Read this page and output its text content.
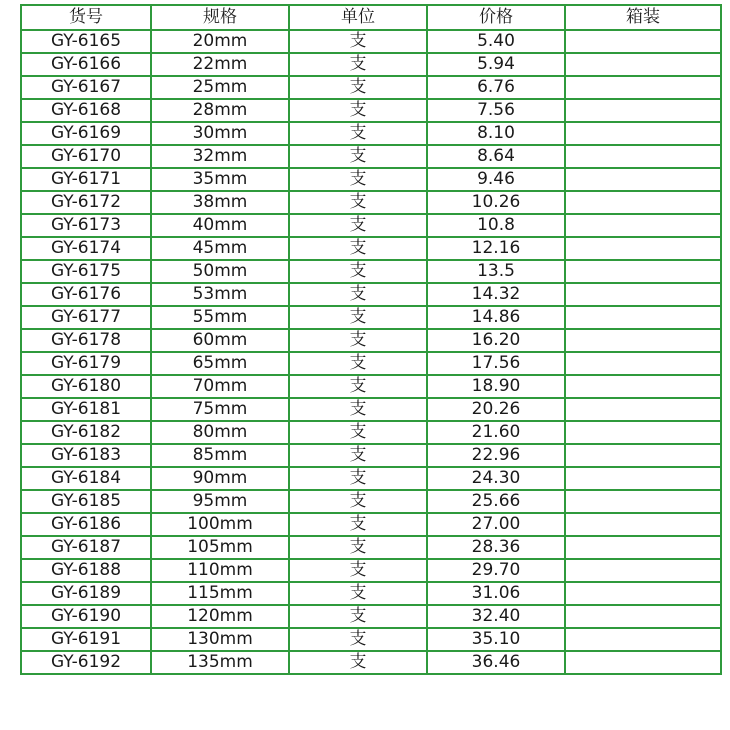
货号	规格	单位	价格	箱装
GY-6165	20mm	支	5.40	
GY-6166	22mm	支	5.94	
GY-6167	25mm	支	6.76	
GY-6168	28mm	支	7.56	
GY-6169	30mm	支	8.10	
GY-6170	32mm	支	8.64	
GY-6171	35mm	支	9.46	
GY-6172	38mm	支	10.26	
GY-6173	40mm	支	10.8	
GY-6174	45mm	支	12.16	
GY-6175	50mm	支	13.5	
GY-6176	53mm	支	14.32	
GY-6177	55mm	支	14.86	
GY-6178	60mm	支	16.20	
GY-6179	65mm	支	17.56	
GY-6180	70mm	支	18.90	
GY-6181	75mm	支	20.26	
GY-6182	80mm	支	21.60	
GY-6183	85mm	支	22.96	
GY-6184	90mm	支	24.30	
GY-6185	95mm	支	25.66	
GY-6186	100mm	支	27.00	
GY-6187	105mm	支	28.36	
GY-6188	110mm	支	29.70	
GY-6189	115mm	支	31.06	
GY-6190	120mm	支	32.40	
GY-6191	130mm	支	35.10	
GY-6192	135mm	支	36.46	
